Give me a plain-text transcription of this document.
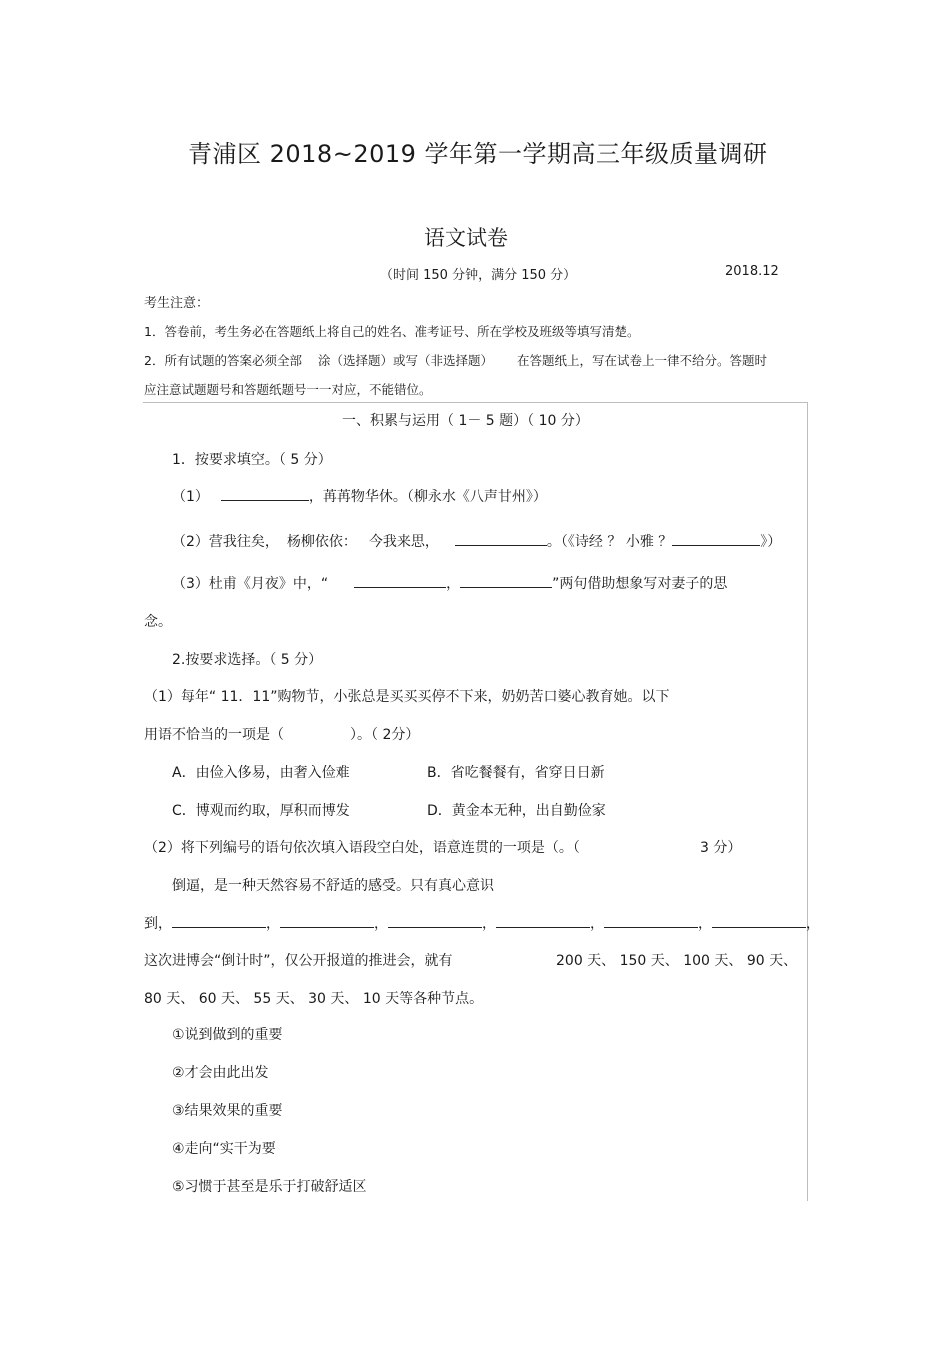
青浦区 2018~2019 学年第一学期高三年级质量调研
语文试卷
（时间 150 分钟，满分 150 分）	2018.12
考生注意：
1．答卷前，考生务必在答题纸上将自己的姓名、准考证号、所在学校及班级等填写清楚。
2．所有试题的答案必须全部 涂（选择题）或写（非选择题） 在答题纸上，写在试卷上一律不给分。答题时
应注意试题题号和答题纸题号一一对应，不能错位。
一、积累与运用（ 1－ 5 题）（ 10 分）
1．按要求填空。（ 5 分）
（1）	，苒苒物华休。（柳永水《八声甘州》）
（2）营我往矣， 杨柳依依： 今我来思，	。（《诗经 ？ 小雅 ？	》）
（3）杜甫《月夜》中，“	，	”两句借助想象写对妻子的思
念。
2.按要求选择。（ 5 分）
（1）每年“ 11．11”购物节，小张总是买买买停不下来，奶奶苦口婆心教育她。以下
用语不恰当的一项是（	）。（ 2分）
A．由俭入侈易，由奢入俭难	B．省吃餐餐有，省穿日日新
C．博观而约取，厚积而博发	D．黄金本无种，出自勤俭家
（2）将下列编号的语句依次填入语段空白处，语意连贯的一项是（。（	3 分）
倒逼，是一种天然容易不舒适的感受。只有真心意识
到，	，	，	，	，	，	，
这次进博会“倒计时”，仅公开报道的推进会，就有	200 天、 150 天、 100 天、 90 天、
80 天、 60 天、 55 天、 30 天、 10 天等各种节点。
①说到做到的重要
②才会由此出发
③结果效果的重要
④走向“实干为要
⑤习惯于甚至是乐于打破舒适区
